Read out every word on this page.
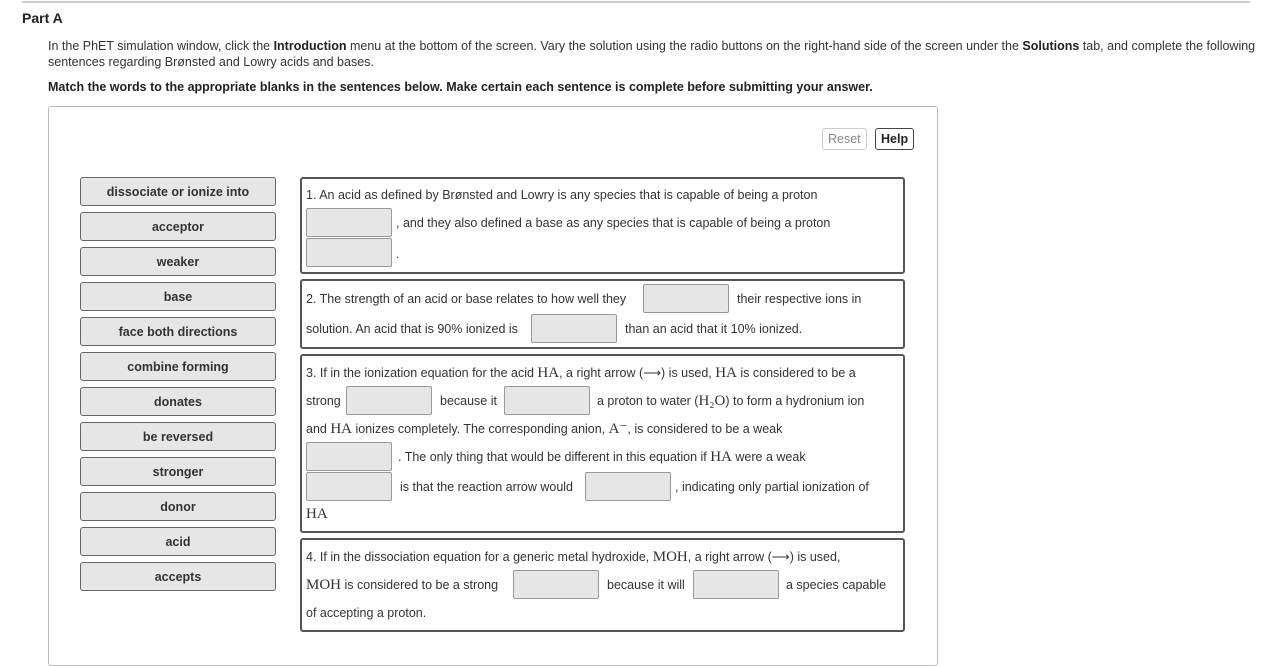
Part A
In the PhET simulation window, click the Introduction menu at the bottom of the screen. Vary the solution using the radio buttons on the right-hand side of the screen under the Solutions tab, and complete the following sentences regarding Brønsted and Lowry acids and bases.
Match the words to the appropriate blanks in the sentences below. Make certain each sentence is complete before submitting your answer.
Reset	Help
dissociate or ionize into
acceptor
weaker
base
face both directions
combine forming
donates
be reversed
stronger
donor
acid
accepts
1. An acid as defined by Brønsted and Lowry is any species that is capable of being a proton
, and they also defined a base as any species that is capable of being a proton
.
2. The strength of an acid or base relates to how well they	their respective ions in
solution. An acid that is 90% ionized is	than an acid that it 10% ionized.
3. If in the ionization equation for the acid HA, a right arrow (⟶) is used, HA is considered to be a
strong	because it	a proton to water (H₂O) to form a hydronium ion
and HA ionizes completely. The corresponding anion, A⁻, is considered to be a weak
. The only thing that would be different in this equation if HA were a weak
is that the reaction arrow would	, indicating only partial ionization of
HA
4. If in the dissociation equation for a generic metal hydroxide, MOH, a right arrow (⟶) is used,
MOH is considered to be a strong	because it will	a species capable
of accepting a proton.
